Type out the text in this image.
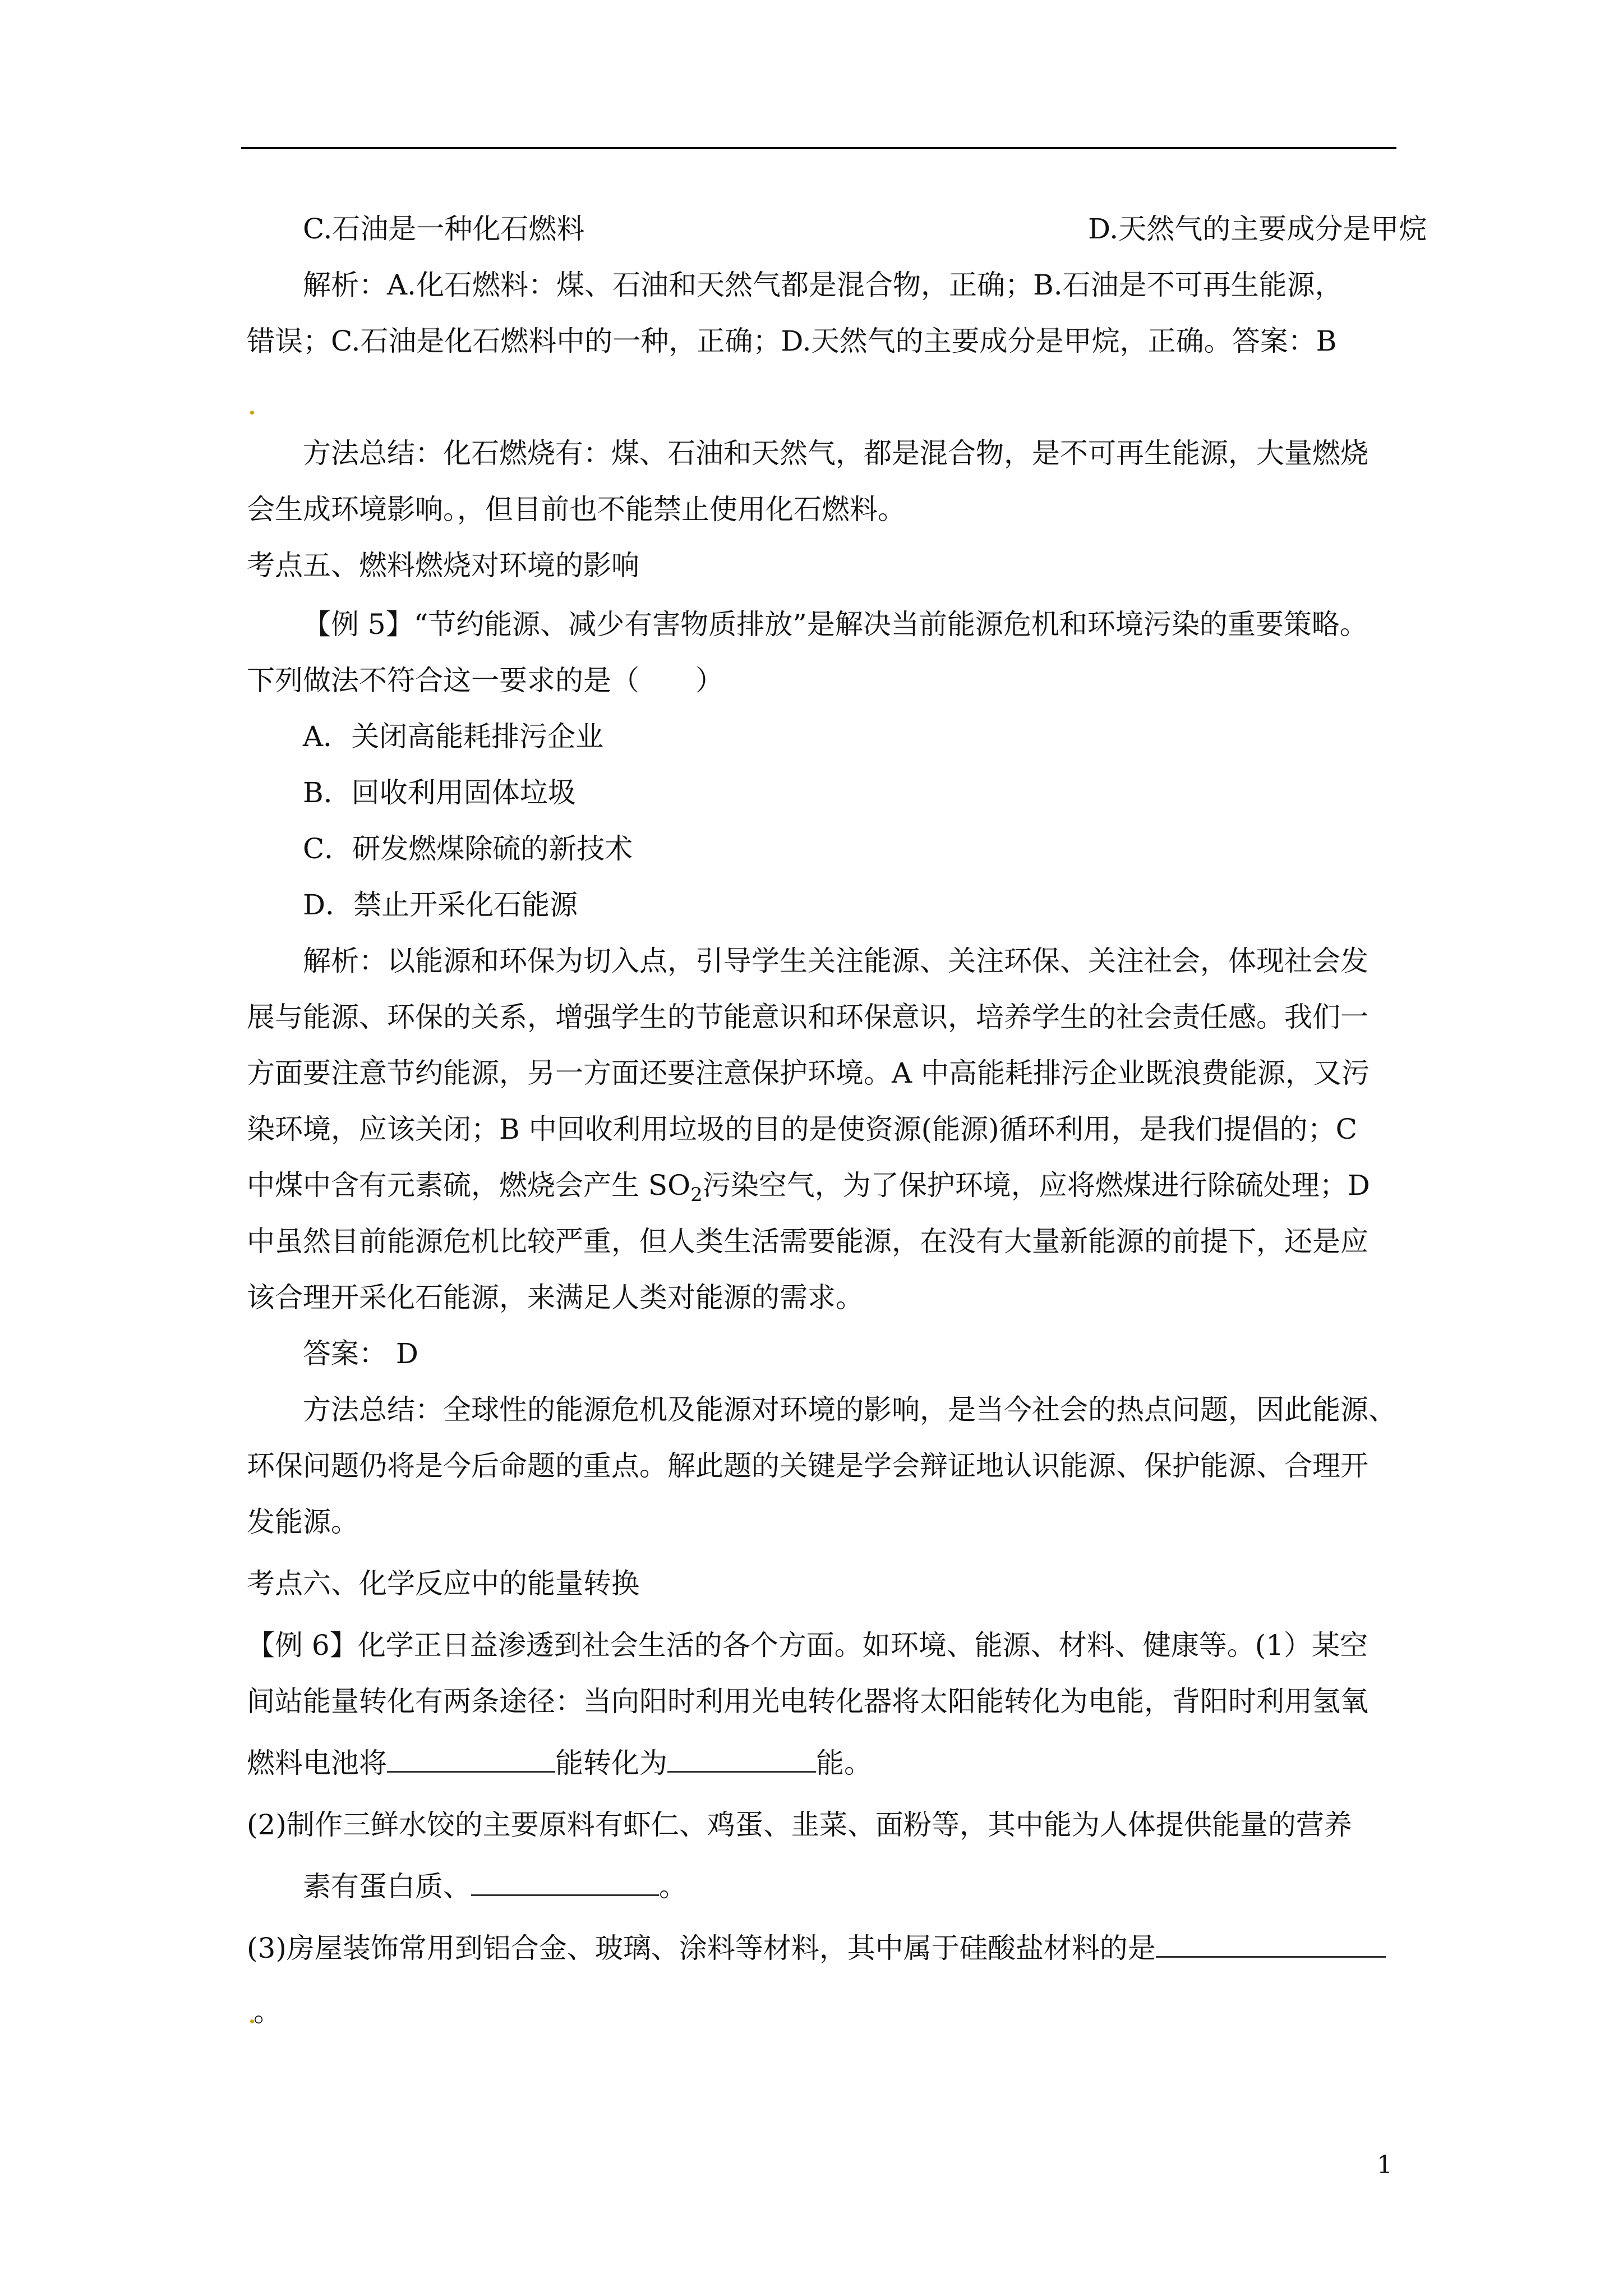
C.石油是一种化石燃料	D.天然气的主要成分是甲烷
解析：A.化石燃料：煤、石油和天然气都是混合物，正确；B.石油是不可再生能源，
错误；C.石油是化石燃料中的一种，正确；D.天然气的主要成分是甲烷，正确。答案：B
方法总结：化石燃烧有：煤、石油和天然气，都是混合物，是不可再生能源，大量燃烧
会生成环境影响。，但目前也不能禁止使用化石燃料。
考点五、燃料燃烧对环境的影响
【例 5】“节约能源、减少有害物质排放”是解决当前能源危机和环境污染的重要策略。
下列做法不符合这一要求的是（　　）
A．关闭高能耗排污企业
B．回收利用固体垃圾
C．研发燃煤除硫的新技术
D．禁止开采化石能源
解析：以能源和环保为切入点，引导学生关注能源、关注环保、关注社会，体现社会发
展与能源、环保的关系，增强学生的节能意识和环保意识，培养学生的社会责任感。我们一
方面要注意节约能源，另一方面还要注意保护环境。A 中高能耗排污企业既浪费能源，又污
染环境，应该关闭；B 中回收利用垃圾的目的是使资源(能源)循环利用，是我们提倡的；C
中煤中含有元素硫，燃烧会产生 $SO_2$污染空气，为了保护环境，应将燃煤进行除硫处理；D
中虽然目前能源危机比较严重，但人类生活需要能源，在没有大量新能源的前提下，还是应
该合理开采化石能源，来满足人类对能源的需求。
答案： D
方法总结：全球性的能源危机及能源对环境的影响，是当今社会的热点问题，因此能源、
环保问题仍将是今后命题的重点。解此题的关键是学会辩证地认识能源、保护能源、合理开
发能源。
考点六、化学反应中的能量转换
【例 6】化学正日益渗透到社会生活的各个方面。如环境、能源、材料、健康等。(1）某空
间站能量转化有两条途径：当向阳时利用光电转化器将太阳能转化为电能，背阳时利用氢氧
燃料电池将	能转化为	能。
(2)制作三鲜水饺的主要原料有虾仁、鸡蛋、韭菜、面粉等，其中能为人体提供能量的营养
素有蛋白质、	。
(3)房屋装饰常用到铝合金、玻璃、涂料等材料，其中属于硅酸盐材料的是
。
1
